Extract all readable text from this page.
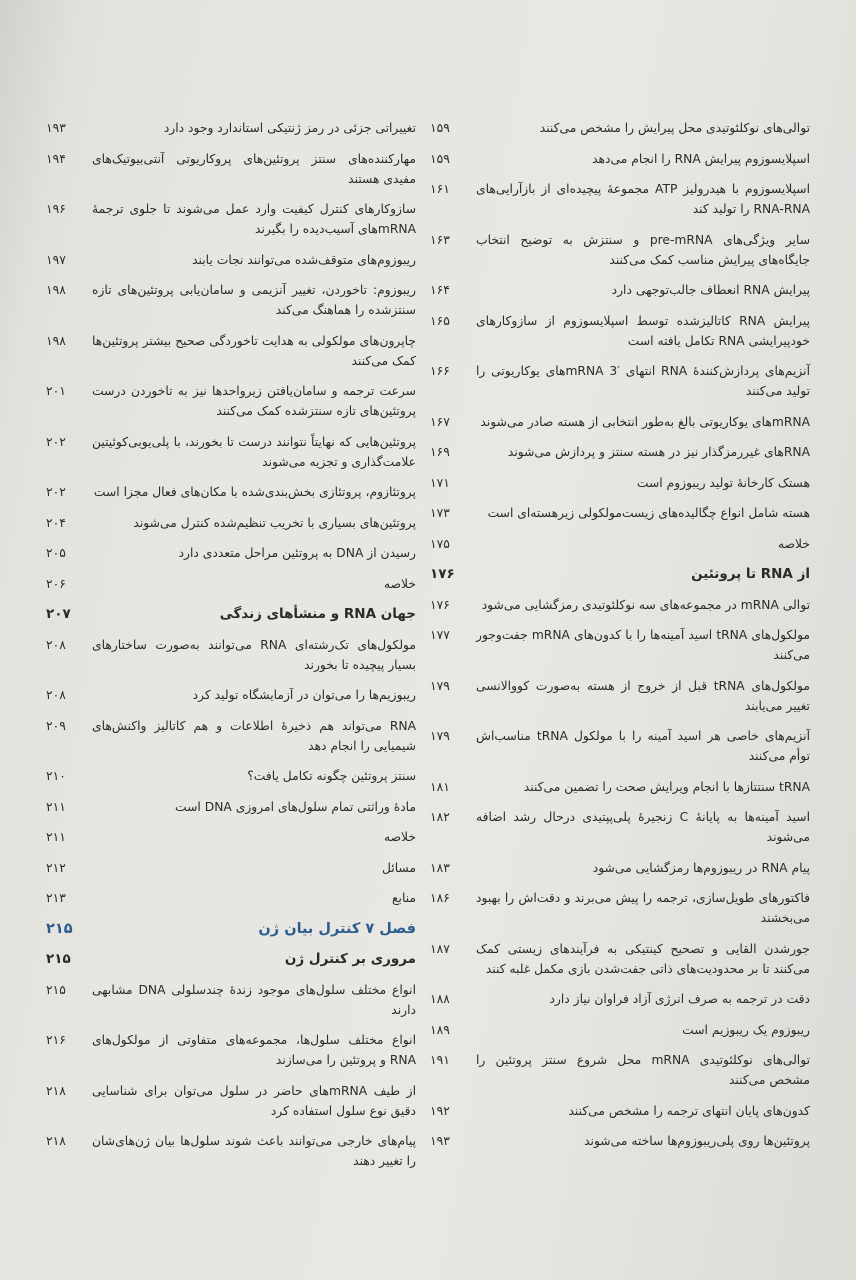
توالی‌های نوکلئوتیدی محل پیرایش را مشخص می‌کنند
۱۵۹
اسپلایسوزوم پیرایش RNA را انجام می‌دهد
۱۵۹
اسپلایسوزوم با هیدرولیز ATP مجموعهٔ پیچیده‌ای از بازآرایی‌های RNA-RNA را تولید کند
۱۶۱
سایر ویژگی‌های pre-mRNA و سنتزش به توضیح انتخاب جایگاه‌های پیرایش مناسب کمک می‌کنند
۱۶۳
پیرایش RNA انعطاف جالب‌توجهی دارد
۱۶۴
پیرایش RNA کاتالیزشده توسط اسپلایسوزوم از سازوکارهای خودپیرایشی RNA تکامل یافته است
۱۶۵
آنزیم‌های پردازش‌کنندهٔ RNA انتهای ′3 mRNAهای یوکاریوتی را تولید می‌کنند
۱۶۶
mRNAهای یوکاریوتی بالغ به‌طور انتخابی از هسته صادر می‌شوند
۱۶۷
RNAهای غیررمزگذار نیز در هسته سنتز و پردازش می‌شوند
۱۶۹
هستک کارخانهٔ تولید ریبوزوم است
۱۷۱
هسته شامل انواع چگالیده‌های زیست‌مولکولی زیرهسته‌ای است
۱۷۳
خلاصه
۱۷۵
از RNA تا پروتئین
۱۷۶
توالی mRNA در مجموعه‌های سه نوکلئوتیدی رمزگشایی می‌شود
۱۷۶
مولکول‌های tRNA اسید آمینه‌ها را با کدون‌های mRNA جفت‌وجور می‌کنند
۱۷۷
مولکول‌های tRNA قبل از خروج از هسته به‌صورت کووالانسی تغییر می‌یابند
۱۷۹
آنزیم‌های خاصی هر اسید آمینه را با مولکول tRNA مناسب‌اش توأم می‌کنند
۱۷۹
tRNA سنتتازها با انجام ویرایش صحت را تضمین می‌کنند
۱۸۱
اسید آمینه‌ها به پایانهٔ C زنجیرهٔ پلی‌پپتیدی درحال رشد اضافه می‌شوند
۱۸۲
پیام RNA در ریبوزوم‌ها رمزگشایی می‌شود
۱۸۳
فاکتورهای طویل‌سازی، ترجمه را پیش می‌برند و دقت‌اش را بهبود می‌بخشند
۱۸۶
جورشدن القایی و تصحیح کینتیکی به فرآیندهای زیستی کمک می‌کنند تا بر محدودیت‌های ذاتی جفت‌شدن بازی مکمل غلبه کنند
۱۸۷
دقت در ترجمه به صرف انرژی آزاد فراوان نیاز دارد
۱۸۸
ریبوزوم یک ریبوزیم است
۱۸۹
توالی‌های نوکلئوتیدی mRNA محل شروع سنتز پروتئین را مشخص می‌کنند
۱۹۱
کدون‌های پایان انتهای ترجمه را مشخص می‌کنند
۱۹۲
پروتئین‌ها روی پلی‌ریبوزوم‌ها ساخته می‌شوند
۱۹۳
تغییراتی جزئی در رمز ژنتیکی استاندارد وجود دارد
۱۹۳
مهارکننده‌های سنتز پروتئین‌های پروکاریوتی آنتی‌بیوتیک‌های مفیدی هستند
۱۹۴
سازوکارهای کنترل کیفیت وارد عمل می‌شوند تا جلوی ترجمهٔ mRNAهای آسیب‌دیده را بگیرند
۱۹۶
ریبوزوم‌های متوقف‌شده می‌توانند نجات یابند
۱۹۷
ریبوزوم: تاخوردن، تغییر آنزیمی و سامان‌یابی پروتئین‌های تازه سنتزشده را هماهنگ می‌کند
۱۹۸
چاپرون‌های مولکولی به هدایت تاخوردگی صحیح بیشتر پروتئین‌ها کمک می‌کنند
۱۹۸
سرعت ترجمه و سامان‌یافتن زیرواحدها نیز به تاخوردن درست پروتئین‌های تازه سنتزشده کمک می‌کنند
۲۰۱
پروتئین‌هایی که نهایتاً نتوانند درست تا بخورند، با پلی‌یوبی‌کوئیتین علامت‌گذاری و تجزیه می‌شوند
۲۰۲
پروتئازوم، پروتئازی بخش‌بندی‌شده با مکان‌های فعال مجزا است
۲۰۲
پروتئین‌های بسیاری با تخریب تنظیم‌شده کنترل می‌شوند
۲۰۴
رسیدن از DNA به پروتئین مراحل متعددی دارد
۲۰۵
خلاصه
۲۰۶
جهان RNA و منشأهای زندگی
۲۰۷
مولکول‌های تک‌رشته‌ای RNA می‌توانند به‌صورت ساختارهای بسیار پیچیده تا بخورند
۲۰۸
ریبوزیم‌ها را می‌توان در آزمایشگاه تولید کرد
۲۰۸
RNA می‌تواند هم ذخیرهٔ اطلاعات و هم کاتالیز واکنش‌های شیمیایی را انجام دهد
۲۰۹
سنتز پروتئین چگونه تکامل یافت؟
۲۱۰
مادهٔ وراثتی تمام سلول‌های امروزی DNA است
۲۱۱
خلاصه
۲۱۱
مسائل
۲۱۲
منابع
۲۱۳
فصل ۷ کنترل بیان ژن
۲۱۵
مروری بر کنترل ژن
۲۱۵
انواع مختلف سلول‌های موجود زندهٔ چندسلولی DNA مشابهی دارند
۲۱۵
انواع مختلف سلول‌ها، مجموعه‌های متفاوتی از مولکول‌های RNA و پروتئین را می‌سازند
۲۱۶
از طیف mRNAهای حاضر در سلول می‌توان برای شناسایی دقیق نوع سلول استفاده کرد
۲۱۸
پیام‌های خارجی می‌توانند باعث شوند سلول‌ها بیان ژن‌های‌شان را تغییر دهند
۲۱۸
